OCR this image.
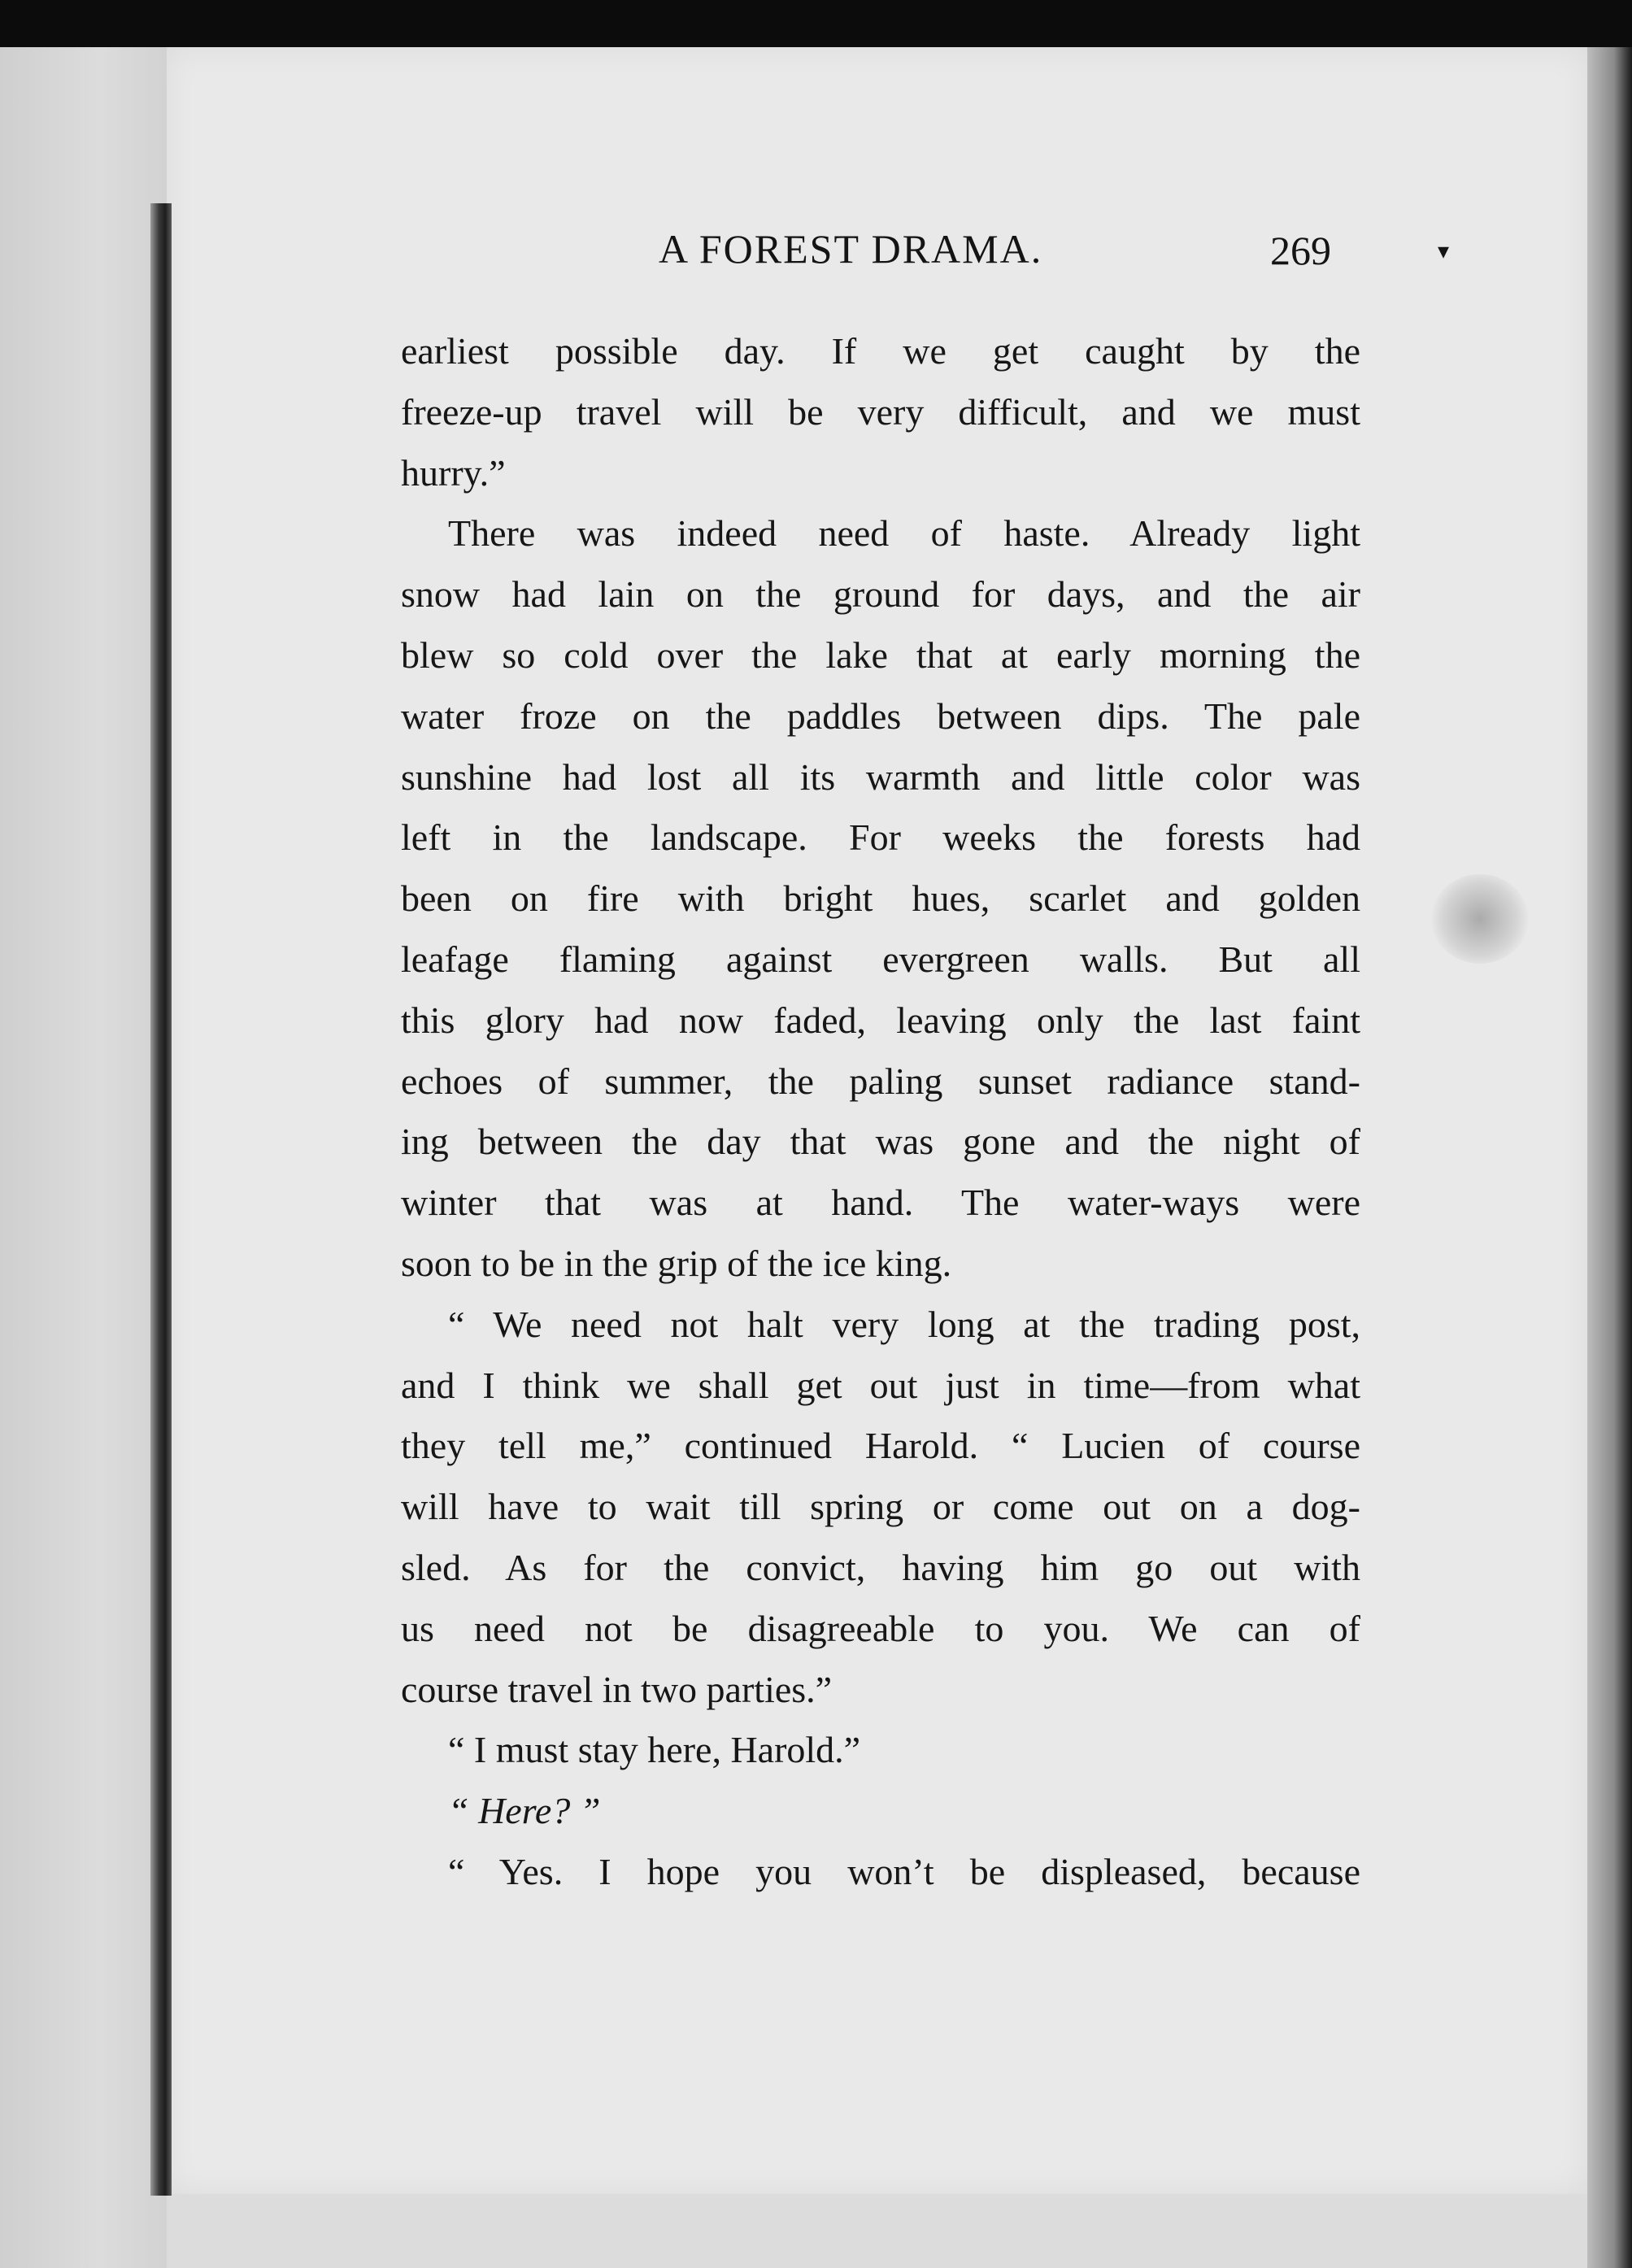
A FOREST DRAMA.	269	▾
earliest possible day. If we get caught by the
freeze-up travel will be very difficult, and we must
hurry.”
There was indeed need of haste. Already light
snow had lain on the ground for days, and the air
blew so cold over the lake that at early morning the
water froze on the paddles between dips. The pale
sunshine had lost all its warmth and little color was
left in the landscape. For weeks the forests had
been on fire with bright hues, scarlet and golden
leafage flaming against evergreen walls. But all
this glory had now faded, leaving only the last faint
echoes of summer, the paling sunset radiance stand-
ing between the day that was gone and the night of
winter that was at hand. The water-ways were
soon to be in the grip of the ice king.
“ We need not halt very long at the trading post,
and I think we shall get out just in time—from what
they tell me,” continued Harold. “ Lucien of course
will have to wait till spring or come out on a dog-
sled. As for the convict, having him go out with
us need not be disagreeable to you. We can of
course travel in two parties.”
“ I must stay here, Harold.”
“ Here? ”
“ Yes. I hope you won’t be displeased, because
